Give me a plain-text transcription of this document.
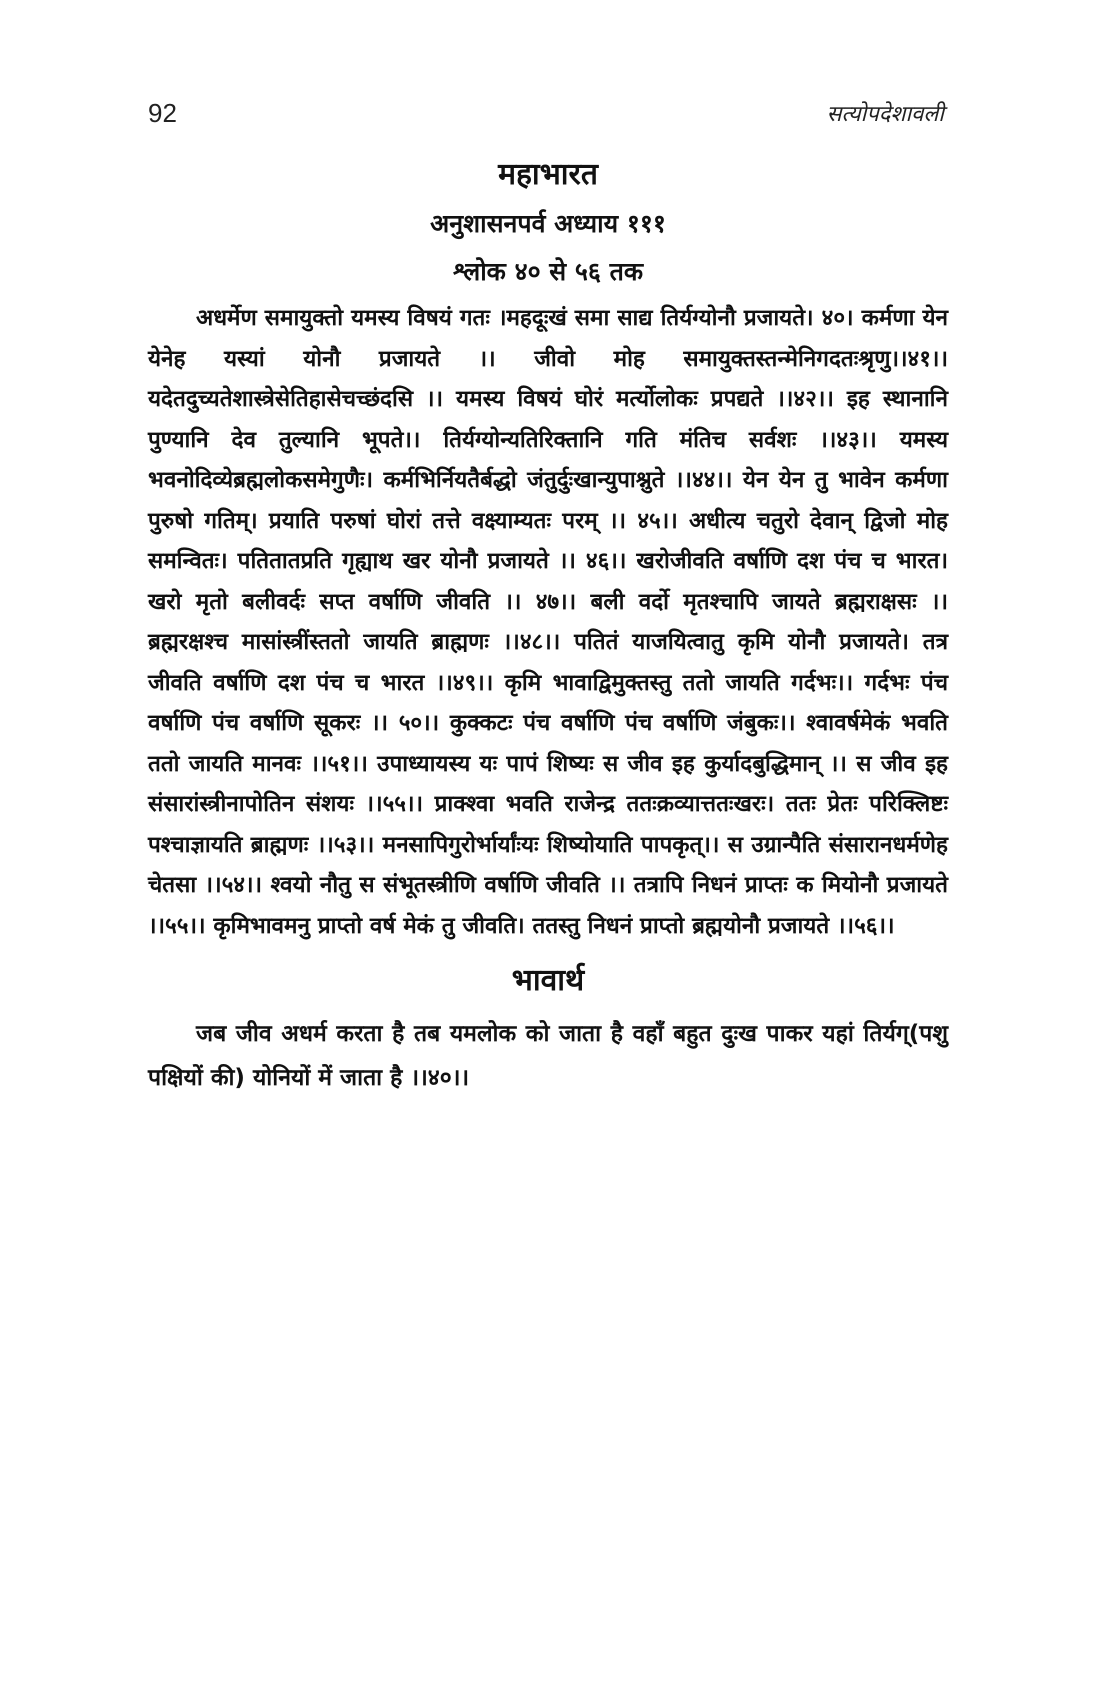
92	सत्योपदेशावली
महाभारत
अनुशासनपर्व अध्याय १११
श्लोक ४० से ५६ तक

अधर्मेण समायुक्तो यमस्य विषयं गतः ।महदूःखं समा साद्य तिर्यग्योनौ प्रजायते। ४०। कर्मणा येन येनेह यस्यां योनौ प्रजायते ।। जीवो मोह समायुक्तस्तन्मेनिगदतःश्रृणु।।४१।।यदेतदुच्यतेशास्त्रेसेतिहासेचच्छंदसि ।। यमस्य विषयं घोरं मर्त्योलोकः प्रपद्यते ।।४२।। इह स्थानानि पुण्यानि देव तुल्यानि भूपते।। तिर्यग्योन्यतिरिक्तानि गति मंतिच सर्वशः ।।४३।। यमस्य भवनोदिव्येब्रह्मलोकसमेगुणैः। कर्मभिर्नियतैर्बद्धो जंतुर्दुःखान्युपाश्नुते ।।४४।। येन येन तु भावेन कर्मणा पुरुषो गतिम्। प्रयाति परुषां घोरां तत्ते वक्ष्याम्यतः परम् ।। ४५।। अधीत्य चतुरो देवान् द्विजो मोह समन्वितः। पतितातप्रति गृह्याथ खर योनौ प्रजायते ।। ४६।। खरोजीवति वर्षाणि दश पंच च भारत। खरो मृतो बलीवर्दः सप्त वर्षाणि जीवति ।। ४७।। बली वर्दो मृतश्चापि जायते ब्रह्मराक्षसः ।। ब्रह्मरक्षश्च मासांस्त्रींस्ततो जायति ब्राह्मणः ।।४८।। पतितं याजयित्वातु कृमि योनौ प्रजायते। तत्र जीवति वर्षाणि दश पंच च भारत ।।४९।। कृमि भावाद्विमुक्तस्तु ततो जायति गर्दभः।। गर्दभः पंच वर्षाणि पंच वर्षाणि सूकरः ।। ५०।। कुक्कटः पंच वर्षाणि पंच वर्षाणि जंबुकः।। श्वावर्षमेकं भवति ततो जायति मानवः ।।५१।। उपाध्यायस्य यः पापं शिष्यः स जीव इह कुर्यादबुद्धिमान् ।। स जीव इह संसारांस्त्रीनापोतिन संशयः ।।५५।। प्राक्श्वा भवति राजेन्द्र ततःक्रव्यात्ततःखरः। ततः प्रेतः परिक्लिष्टः पश्चाज्ञायति ब्राह्मणः ।।५३।। मनसापिगुरोर्भार्यांःयः शिष्योयाति पापकृत्।। स उग्रान्पैति संसारानधर्मणेह चेतसा ।।५४।। श्वयो नौतु स संभूतस्त्रीणि वर्षाणि जीवति ।। तत्रापि निधनं प्राप्तः क मियोनौ प्रजायते ।।५५।। कृमिभावमनु प्राप्तो वर्ष मेकं तु जीवति। ततस्तु निधनं प्राप्तो ब्रह्मयोनौ प्रजायते ।।५६।।

भावार्थ

जब जीव अधर्म करता है तब यमलोक को जाता है वहाँ बहुत दुःख पाकर यहां तिर्यग्(पशु पक्षियों की) योनियों में जाता है ।।४०।।
